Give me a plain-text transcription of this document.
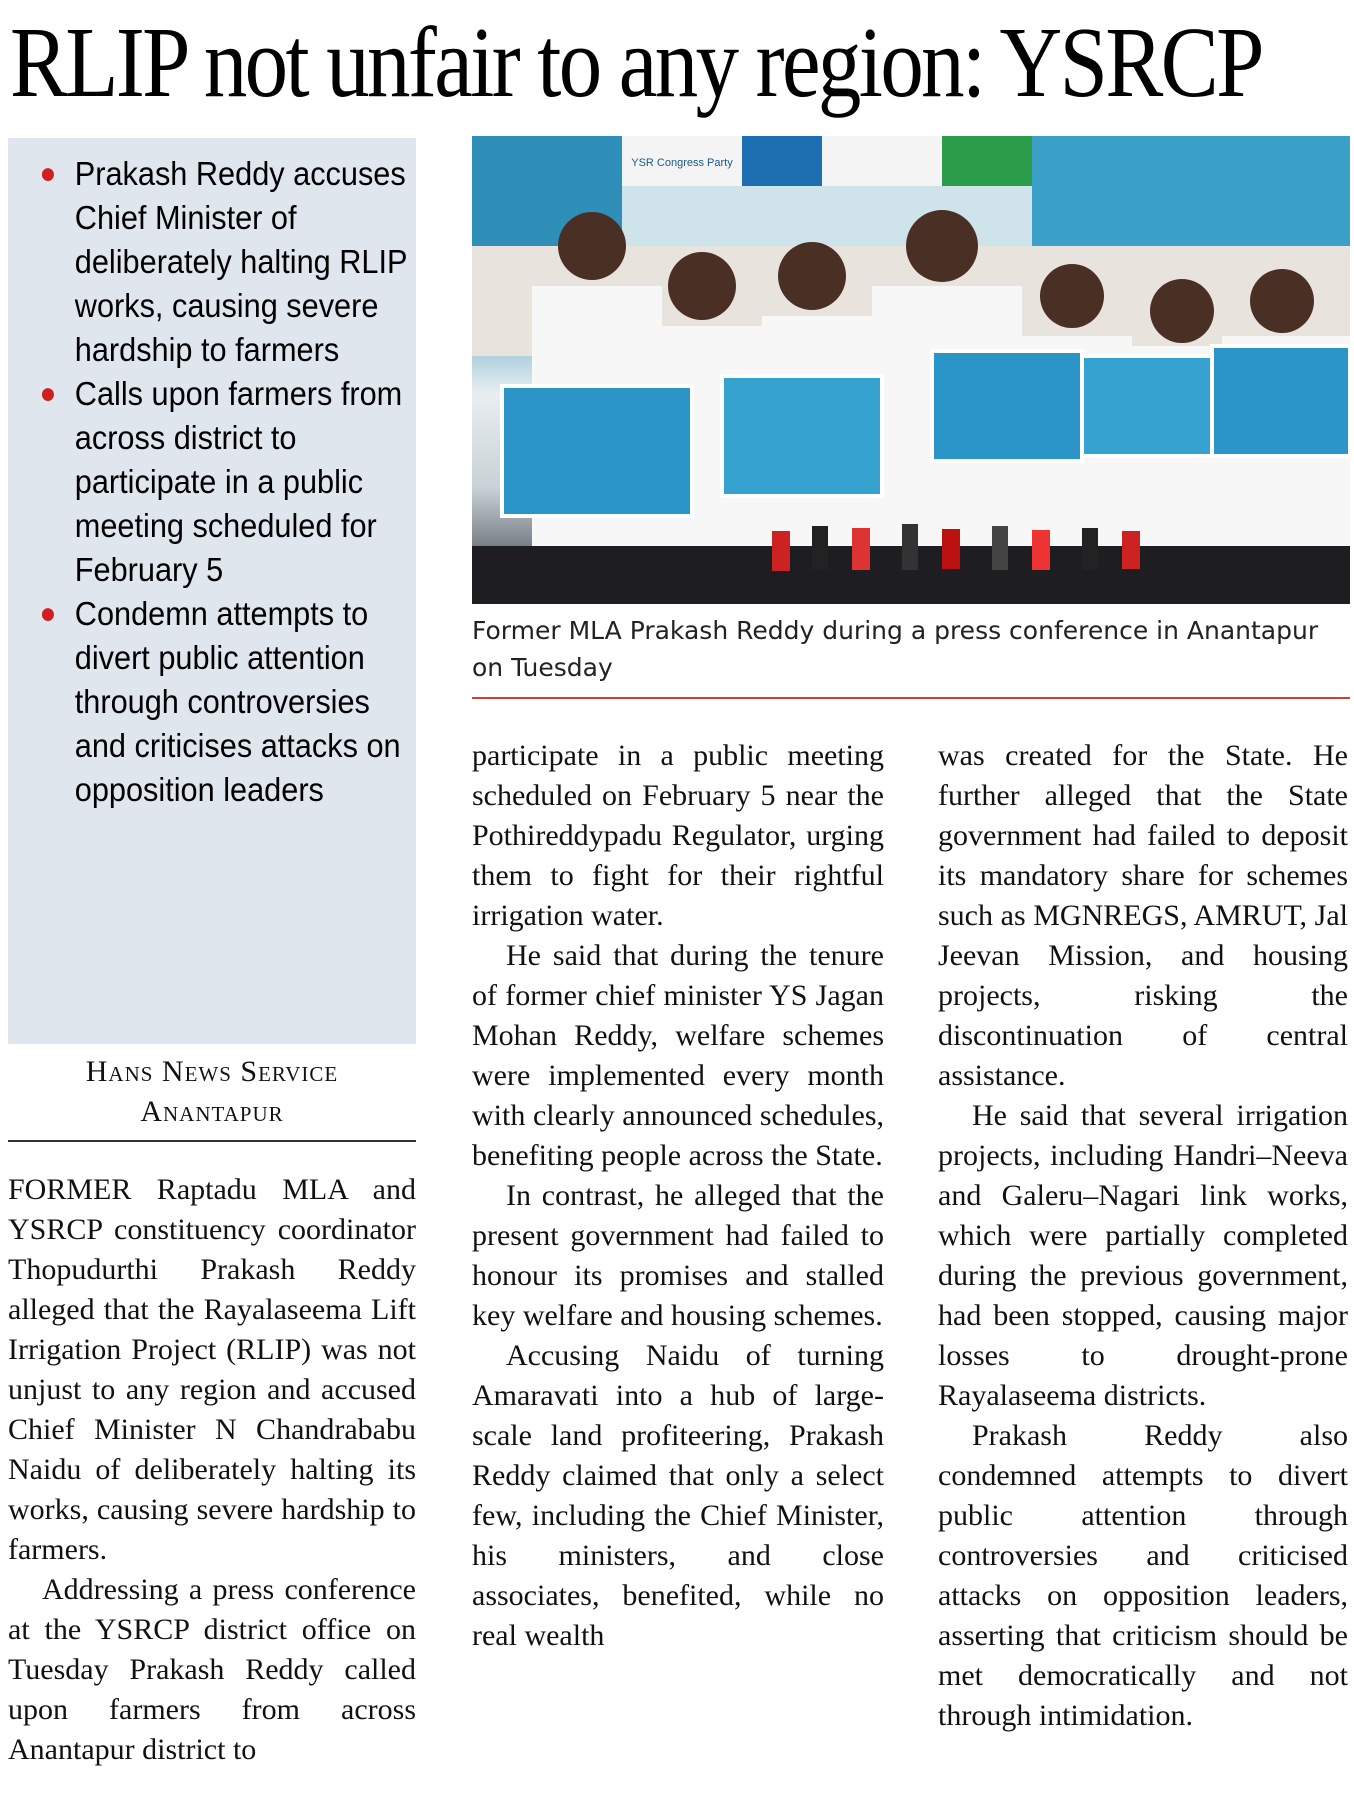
RLIP not unfair to any region: YSRCP
● Prakash Reddy accuses Chief Minister of deliberately halting RLIP works, causing severe hardship to farmers
● Calls upon farmers from across district to participate in a public meeting scheduled for February 5
● Condemn attempts to divert public attention through controversies and criticises attacks on opposition leaders
Hans News Service
Anantapur
YSR Congress Party
Former MLA Prakash Reddy during a press conference in Anantapur on Tuesday

FORMER Raptadu MLA and YSRCP constituency coordinator Thopudurthi Prakash Reddy alleged that the Rayalaseema Lift Irrigation Project (RLIP) was not unjust to any region and accused Chief Minister N Chandrababu Naidu of deliberately halting its works, causing severe hardship to farmers.

Addressing a press conference at the YSRCP district office on Tuesday Prakash Reddy called upon farmers from across Anantapur district to

participate in a public meeting scheduled on February 5 near the Pothireddypadu Regulator, urging them to fight for their rightful irrigation water.

He said that during the tenure of former chief minister YS Jagan Mohan Reddy, welfare schemes were implemented every month with clearly announced schedules, benefiting people across the State.

In contrast, he alleged that the present government had failed to honour its promises and stalled key welfare and housing schemes.

Accusing Naidu of turning Amaravati into a hub of large-scale land profiteering, Prakash Reddy claimed that only a select few, including the Chief Minister, his ministers, and close associates, benefited, while no real wealth

was created for the State. He further alleged that the State government had failed to deposit its mandatory share for schemes such as MGNREGS, AMRUT, Jal Jeevan Mission, and housing projects, risking the discontinuation of central assistance.

He said that several irrigation projects, including Handri–Neeva and Galeru–Nagari link works, which were partially completed during the previous government, had been stopped, causing major losses to drought-prone Rayalaseema districts.

Prakash Reddy also condemned attempts to divert public attention through controversies and criticised attacks on opposition leaders, asserting that criticism should be met democratically and not through intimidation.
